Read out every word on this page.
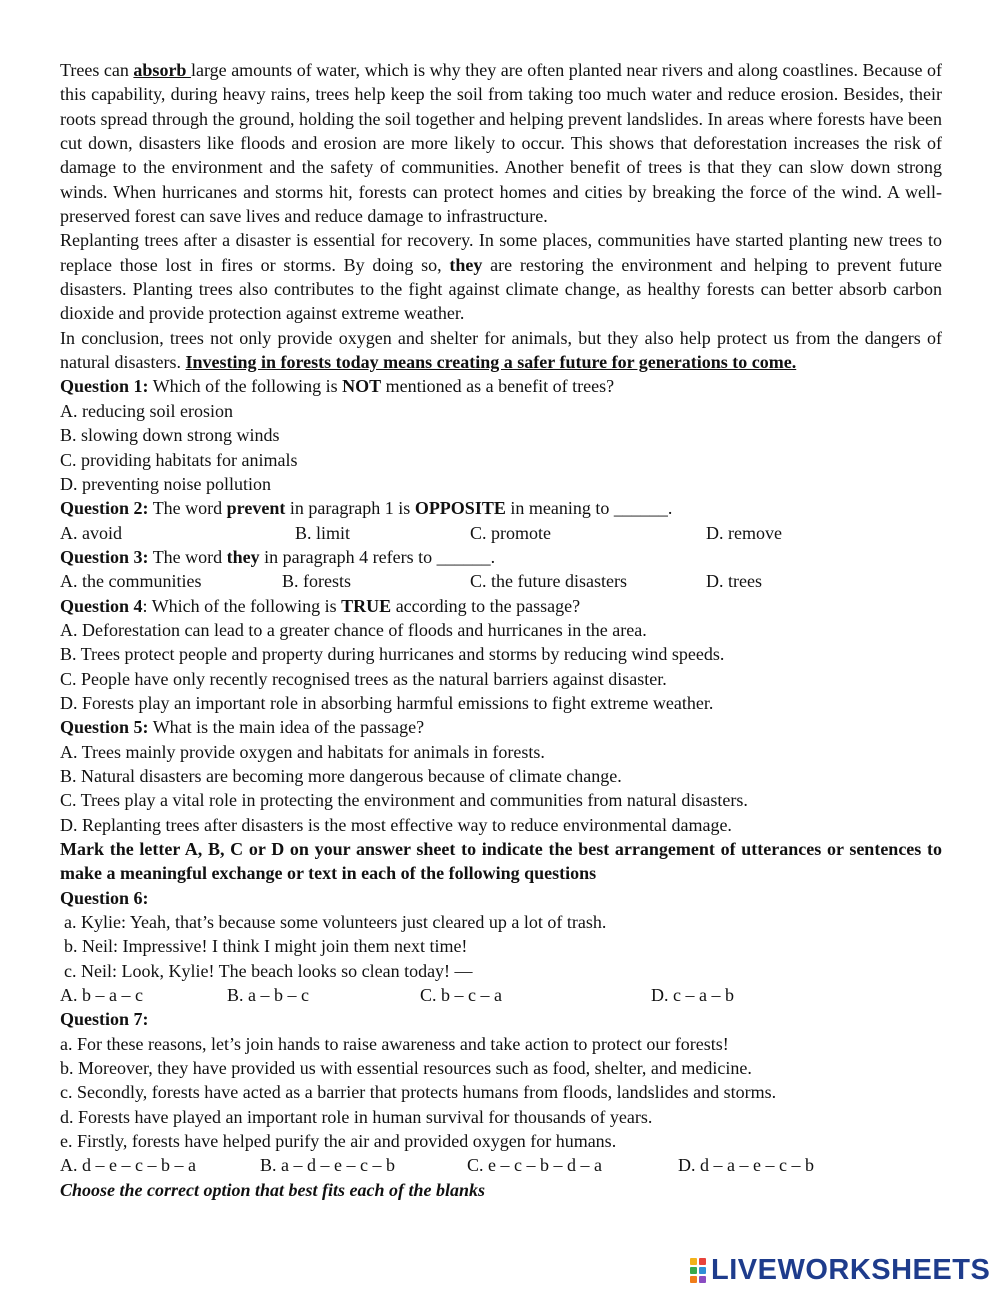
Trees can absorb large amounts of water, which is why they are often planted near rivers and along coastlines. Because of this capability, during heavy rains, trees help keep the soil from taking too much water and reduce erosion. Besides, their roots spread through the ground, holding the soil together and helping prevent landslides. In areas where forests have been cut down, disasters like floods and erosion are more likely to occur. This shows that deforestation increases the risk of damage to the environment and the safety of communities. Another benefit of trees is that they can slow down strong winds. When hurricanes and storms hit, forests can protect homes and cities by breaking the force of the wind. A well-preserved forest can save lives and reduce damage to infrastructure.

Replanting trees after a disaster is essential for recovery. In some places, communities have started planting new trees to replace those lost in fires or storms. By doing so, they are restoring the environment and helping to prevent future disasters. Planting trees also contributes to the fight against climate change, as healthy forests can better absorb carbon dioxide and provide protection against extreme weather.

In conclusion, trees not only provide oxygen and shelter for animals, but they also help protect us from the dangers of natural disasters. Investing in forests today means creating a safer future for generations to come.

Question 1: Which of the following is NOT mentioned as a benefit of trees?

A. reducing soil erosion

B. slowing down strong winds

C. providing habitats for animals

D. preventing noise pollution

Question 2: The word prevent in paragraph 1 is OPPOSITE in meaning to ______.

A. avoid	B. limit	C. promote	D. remove

Question 3: The word they in paragraph 4 refers to ______.

A. the communities	B. forests	C. the future disasters	D. trees

Question 4: Which of the following is TRUE according to the passage?

A. Deforestation can lead to a greater chance of floods and hurricanes in the area.

B. Trees protect people and property during hurricanes and storms by reducing wind speeds.

C. People have only recently recognised trees as the natural barriers against disaster.

D. Forests play an important role in absorbing harmful emissions to fight extreme weather.

Question 5: What is the main idea of the passage?

A. Trees mainly provide oxygen and habitats for animals in forests.

B. Natural disasters are becoming more dangerous because of climate change.

C. Trees play a vital role in protecting the environment and communities from natural disasters.

D. Replanting trees after disasters is the most effective way to reduce environmental damage.

Mark the letter A, B, C or D on your answer sheet to indicate the best arrangement of utterances or sentences to make a meaningful exchange or text in each of the following questions

Question 6:

a. Kylie: Yeah, that’s because some volunteers just cleared up a lot of trash.

b. Neil: Impressive! I think I might join them next time!

c. Neil: Look, Kylie! The beach looks so clean today! —

A. b – a – c	B. a – b – c	C. b – c – a	D. c – a – b

Question 7:

a. For these reasons, let’s join hands to raise awareness and take action to protect our forests!

b. Moreover, they have provided us with essential resources such as food, shelter, and medicine.

c. Secondly, forests have acted as a barrier that protects humans from floods, landslides and storms.

d. Forests have played an important role in human survival for thousands of years.

e. Firstly, forests have helped purify the air and provided oxygen for humans.

A. d – e – c – b – a	B. a – d – e – c – b	C. e – c – b – d – a	D. d – a – e – c – b

Choose the correct option that best fits each of the blanks

LIVEWORKSHEETS
